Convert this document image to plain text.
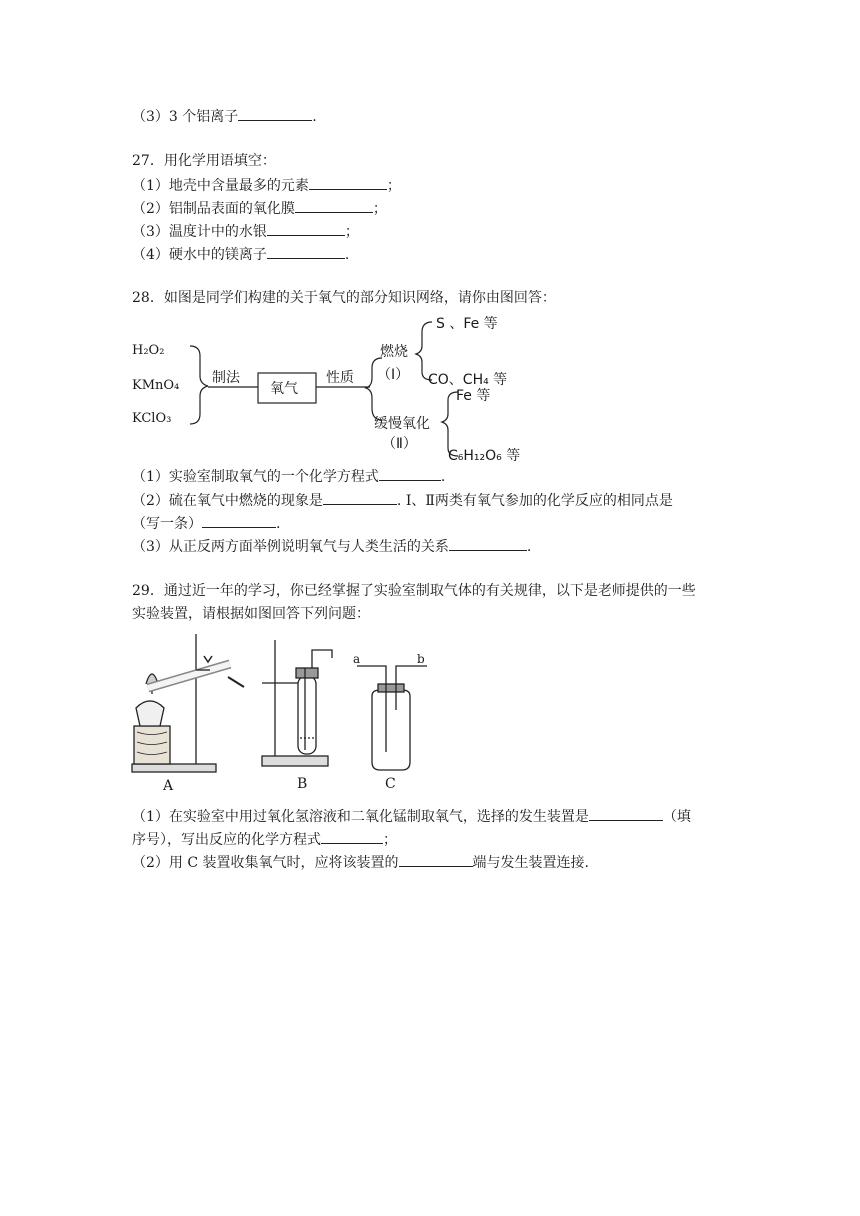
（3）3 个铝离子	.
27．用化学用语填空：
（1）地壳中含量最多的元素	；
（2）铝制品表面的氧化膜	；
（3）温度计中的水银	；
（4）硬水中的镁离子	.
28．如图是同学们构建的关于氧气的部分知识网络，请你由图回答：
H₂O₂
KMnO₄
KClO₃
制法
氧气
性质
燃烧
（Ⅰ）
S 、Fe 等
CO、CH₄ 等
缓慢氧化
（Ⅱ）
Fe 等
C₆H₁₂O₆ 等
（1）实验室制取氧气的一个化学方程式	.
（2）硫在氧气中燃烧的现象是	. Ⅰ、Ⅱ两类有氧气参加的化学反应的相同点是
（写一条）	.
（3）从正反两方面举例说明氧气与人类生活的关系	.
29．通过近一年的学习，你已经掌握了实验室制取气体的有关规律，以下是老师提供的一些
实验装置，请根据如图回答下列问题：
A	B	C
a	b
（1）在实验室中用过氧化氢溶液和二氧化锰制取氧气，选择的发生装置是	（填
序号），写出反应的化学方程式	；
（2）用 C 装置收集氧气时，应将该装置的	端与发生装置连接.
